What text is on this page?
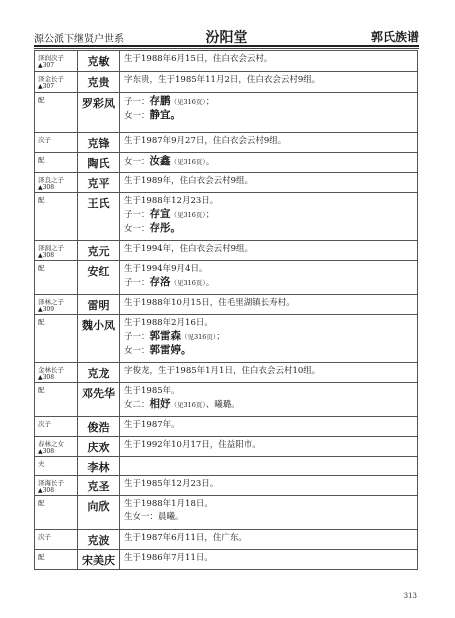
源公派下继贤户世系	汾阳堂	郭氏族谱
泽润次子
▲307	克敏	生于1988年6月15日，住白衣会云村。

泽金长子
▲307	克贵	字东贵，生于1985年11月2日，住白衣会云村9组。

配	罗彩凤	子一：存鹏（见316页）；
女一：静宜。

次子	克锋	生于1987年9月27日，住白衣会云村9组。

配	陶氏	女一：汝鑫（见316页）。

泽良之子
▲308	克平	生于1989年，住白衣会云村9组。

配	王氏	生于1988年12月23日。
子一：存宣（见316页）；
女一：存彤。

泽洞之子
▲308	克元	生于1994年，住白衣会云村9组。

配	安红	生于1994年9月4日。
子一：存洛（见316页）。

泽林之子
▲309	雷明	生于1988年10月15日，住毛里湖镇长寿村。

配	魏小凤	生于1988年2月16日。
子一：郭雷森（见316页）；
女一：郭雷婷。

金林长子
▲308	克龙	字俊龙，生于1985年1月1日，住白衣会云村10组。

配	邓先华	生于1985年。
女二：相妤（见316页）、曦璐。

次子	俊浩	生于1987年。

春林之女
▲308	庆欢	生于1992年10月17日，住益阳市。

夫	李林	

泽海长子
▲308	克圣	生于1985年12月23日。

配	向欣	生于1988年1月18日。
生女一：晨曦。

次子	克波	生于1987年6月11日，住广东。

配	宋美庆	生于1986年7月11日。
313
